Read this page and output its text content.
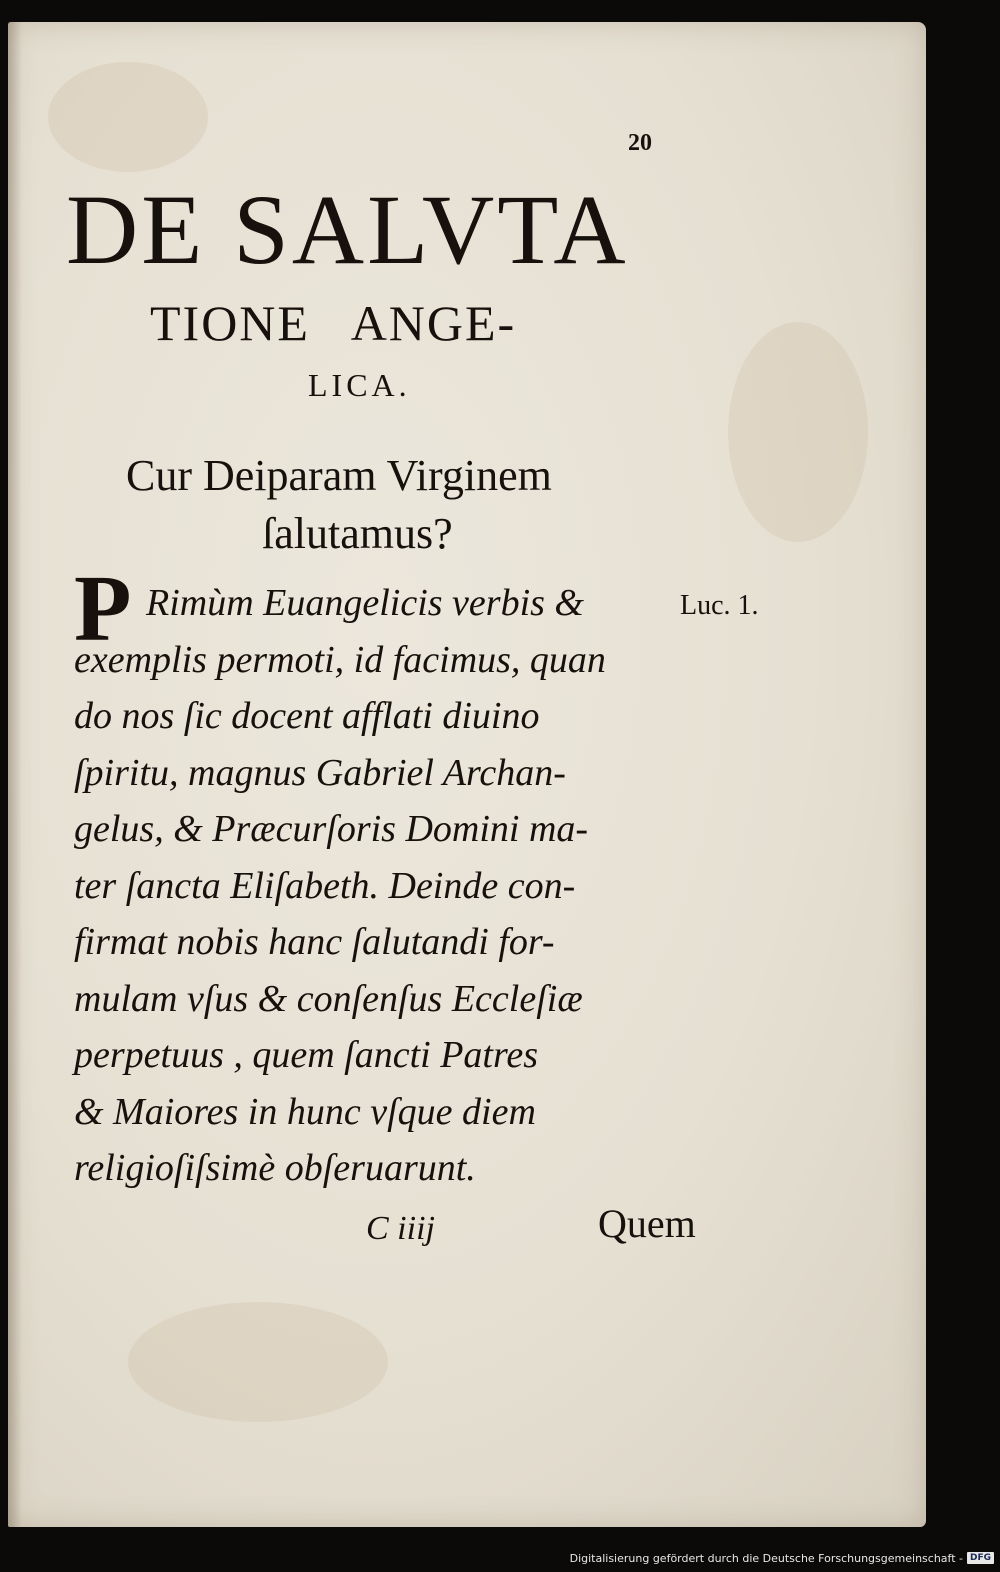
20
DE SALVTA
TIONE   ANGE-
LICA.
Cur Deiparam Virginem
ſalutamus?
P Rimùm Euangelicis verbis &
exemplis permoti, id facimus, quan
do nos ſic docent afflati diuino
ſpiritu, magnus Gabriel Archan-
gelus, & Præcurſoris Domini ma-
ter ſancta Eliſabeth. Deinde con-
firmat nobis hanc ſalutandi for-
mulam vſus & conſenſus Eccleſiæ
perpetuus , quem ſancti Patres
& Maiores in hunc vſque diem
religioſiſsimè obſeruarunt.
Luc. 1.
C iiij	Quem
Digitalisierung gefördert durch die Deutsche Forschungsgemeinschaft - DFG
